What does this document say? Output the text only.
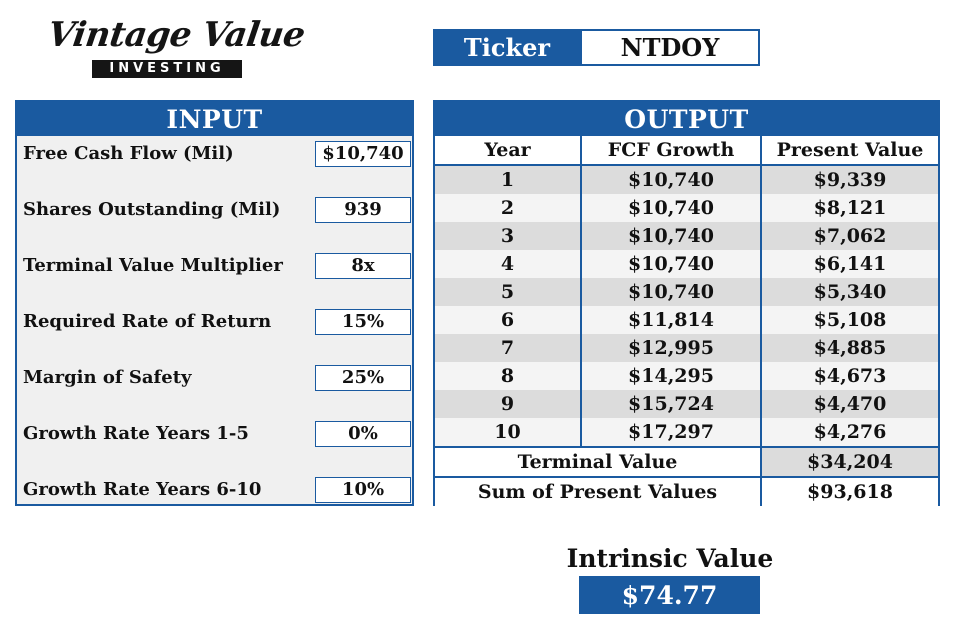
Vintage Value
INVESTING
Ticker	NTDOY
INPUT
Free Cash Flow (Mil)	$10,740
Shares Outstanding (Mil)	939
Terminal Value Multiplier	8x
Required Rate of Return	15%
Margin of Safety	25%
Growth Rate Years 1-5	0%
Growth Rate Years 6-10	10%
OUTPUT
Year	FCF Growth	Present Value
1	$10,740	$9,339
2	$10,740	$8,121
3	$10,740	$7,062
4	$10,740	$6,141
5	$10,740	$5,340
6	$11,814	$5,108
7	$12,995	$4,885
8	$14,295	$4,673
9	$15,724	$4,470
10	$17,297	$4,276
Terminal Value		$34,204
Sum of Present Values		$93,618
Intrinsic Value
$74.77
